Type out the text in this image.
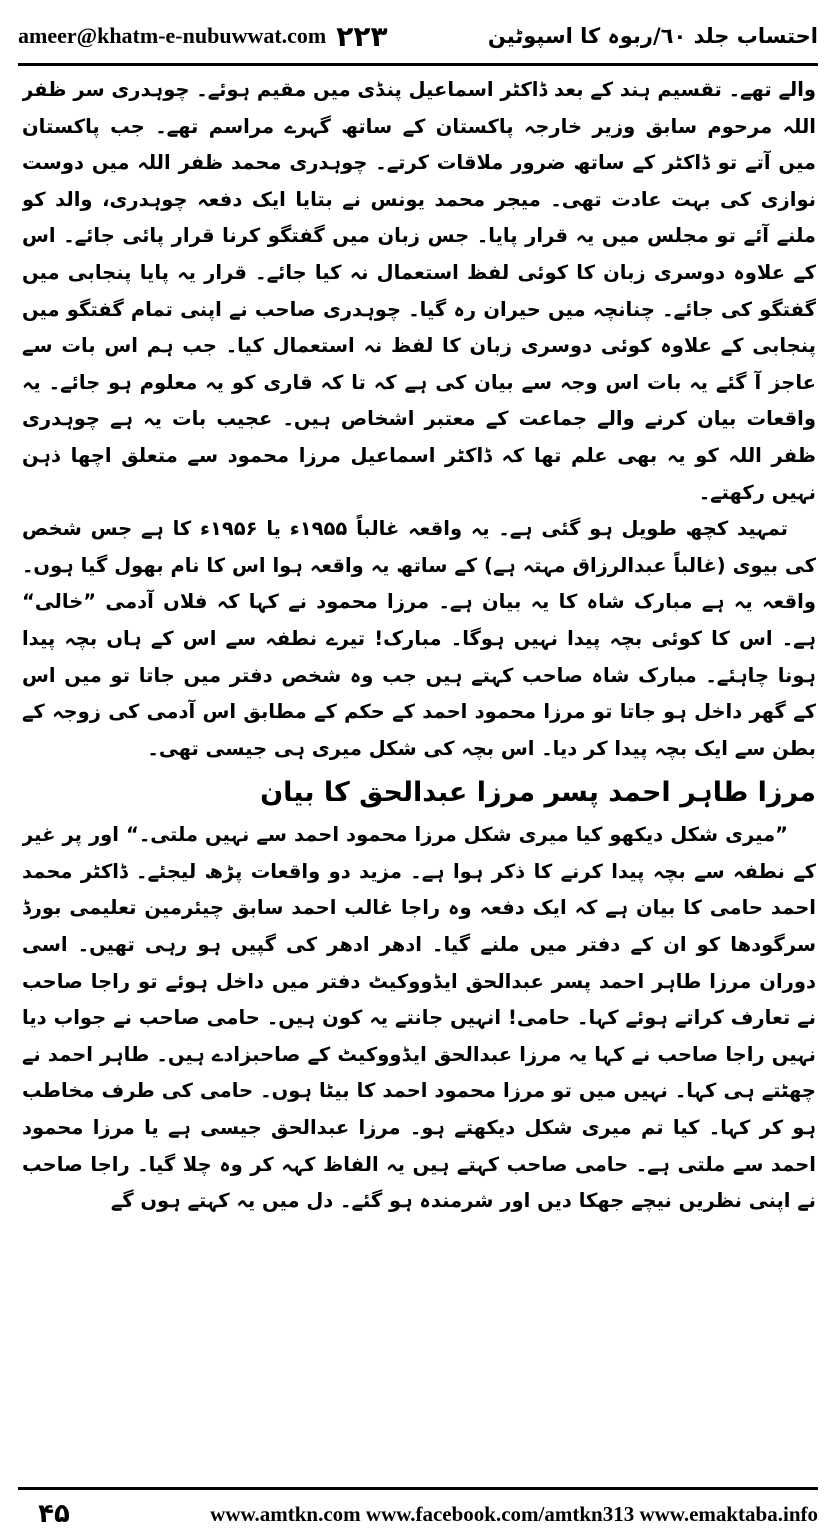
ameer@khatm-e-nubuwwat.com ۲۲۳	احتساب جلد ٦٠/ربوہ کا اسپوٹین

والے تھے۔ تقسیم ہند کے بعد ڈاکٹر اسماعیل پنڈی میں مقیم ہوئے۔ چوہدری سر ظفر اللہ مرحوم سابق وزیر خارجہ پاکستان کے ساتھ گہرے مراسم تھے۔ جب پاکستان میں آتے تو ڈاکٹر کے ساتھ ضرور ملاقات کرتے۔ چوہدری محمد ظفر اللہ میں دوست نوازی کی بہت عادت تھی۔ میجر محمد یونس نے بتایا ایک دفعہ چوہدری، والد کو ملنے آئے تو مجلس میں یہ قرار پایا۔ جس زبان میں گفتگو کرنا قرار پائی جائے۔ اس کے علاوہ دوسری زبان کا کوئی لفظ استعمال نہ کیا جائے۔ قرار یہ پایا پنجابی میں گفتگو کی جائے۔ چنانچہ میں حیران رہ گیا۔ چوہدری صاحب نے اپنی تمام گفتگو میں پنجابی کے علاوہ کوئی دوسری زبان کا لفظ نہ استعمال کیا۔ جب ہم اس بات سے عاجز آ گئے یہ بات اس وجہ سے بیان کی ہے کہ تا کہ قاری کو یہ معلوم ہو جائے۔ یہ واقعات بیان کرنے والے جماعت کے معتبر اشخاص ہیں۔ عجیب بات یہ ہے چوہدری ظفر اللہ کو یہ بھی علم تھا کہ ڈاکٹر اسماعیل مرزا محمود سے متعلق اچھا ذہن نہیں رکھتے۔

تمہید کچھ طویل ہو گئی ہے۔ یہ واقعہ غالباً ۱۹۵۵ء یا ۱۹۵۶ء کا ہے جس شخص کی بیوی (غالباً عبدالرزاق مہتہ ہے) کے ساتھ یہ واقعہ ہوا اس کا نام بھول گیا ہوں۔ واقعہ یہ ہے مبارک شاہ کا یہ بیان ہے۔ مرزا محمود نے کہا کہ فلاں آدمی ”خالی“ ہے۔ اس کا کوئی بچہ پیدا نہیں ہوگا۔ مبارک! تیرے نطفہ سے اس کے ہاں بچہ پیدا ہونا چاہئے۔ مبارک شاہ صاحب کہتے ہیں جب وہ شخص دفتر میں جاتا تو میں اس کے گھر داخل ہو جاتا تو مرزا محمود احمد کے حکم کے مطابق اس آدمی کی زوجہ کے بطن سے ایک بچہ پیدا کر دیا۔ اس بچہ کی شکل میری ہی جیسی تھی۔

مرزا طاہر احمد پسر مرزا عبدالحق کا بیان

”میری شکل دیکھو کیا میری شکل مرزا محمود احمد سے نہیں ملتی۔“ اور پر غیر کے نطفہ سے بچہ پیدا کرنے کا ذکر ہوا ہے۔ مزید دو واقعات پڑھ لیجئے۔ ڈاکٹر محمد احمد حامی کا بیان ہے کہ ایک دفعہ وہ راجا غالب احمد سابق چیئرمین تعلیمی بورڈ سرگودھا کو ان کے دفتر میں ملنے گیا۔ ادھر ادھر کی گپیں ہو رہی تھیں۔ اسی دوران مرزا طاہر احمد پسر عبدالحق ایڈووکیٹ دفتر میں داخل ہوئے تو راجا صاحب نے تعارف کراتے ہوئے کہا۔ حامی! انہیں جانتے یہ کون ہیں۔ حامی صاحب نے جواب دیا نہیں راجا صاحب نے کہا یہ مرزا عبدالحق ایڈووکیٹ کے صاحبزادے ہیں۔ طاہر احمد نے چھٹتے ہی کہا۔ نہیں میں تو مرزا محمود احمد کا بیٹا ہوں۔ حامی کی طرف مخاطب ہو کر کہا۔ کیا تم میری شکل دیکھتے ہو۔ مرزا عبدالحق جیسی ہے یا مرزا محمود احمد سے ملتی ہے۔ حامی صاحب کہتے ہیں یہ الفاظ کہہ کر وہ چلا گیا۔ راجا صاحب نے اپنی نظریں نیچے جھکا دیں اور شرمندہ ہو گئے۔ دل میں یہ کہتے ہوں گے

۴۵	www.amtkn.com www.facebook.com/amtkn313 www.emaktaba.info
